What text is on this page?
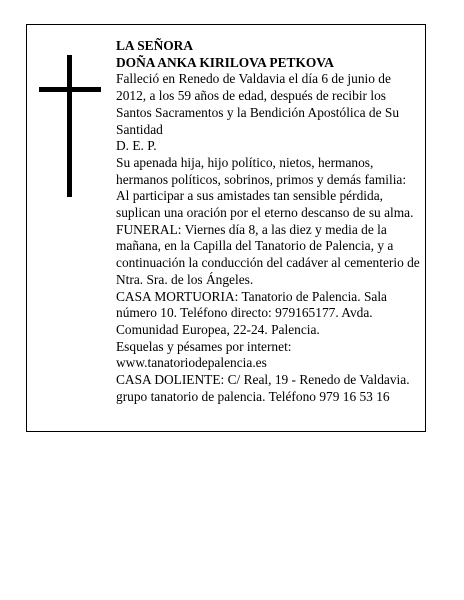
LA SEÑORA
DOÑA ANKA KIRILOVA PETKOVA
Falleció en Renedo de Valdavia el día 6 de junio de 2012, a los 59 años de edad, después de recibir los Santos Sacramentos y la Bendición Apostólica de Su Santidad
D. E. P.
Su apenada hija, hijo político, nietos, hermanos, hermanos políticos, sobrinos, primos y demás familia:
Al participar a sus amistades tan sensible pérdida, suplican una oración por el eterno descanso de su alma.
FUNERAL: Viernes día 8, a las diez y media de la mañana, en la Capilla del Tanatorio de Palencia, y a continuación la conducción del cadáver al cementerio de Ntra. Sra. de los Ángeles.
CASA MORTUORIA: Tanatorio de Palencia. Sala número 10. Teléfono directo: 979165177. Avda. Comunidad Europea, 22-24. Palencia.
Esquelas y pésames por internet: www.tanatoriodepalencia.es
CASA DOLIENTE: C/ Real, 19 - Renedo de Valdavia.
grupo tanatorio de palencia. Teléfono 979 16 53 16
